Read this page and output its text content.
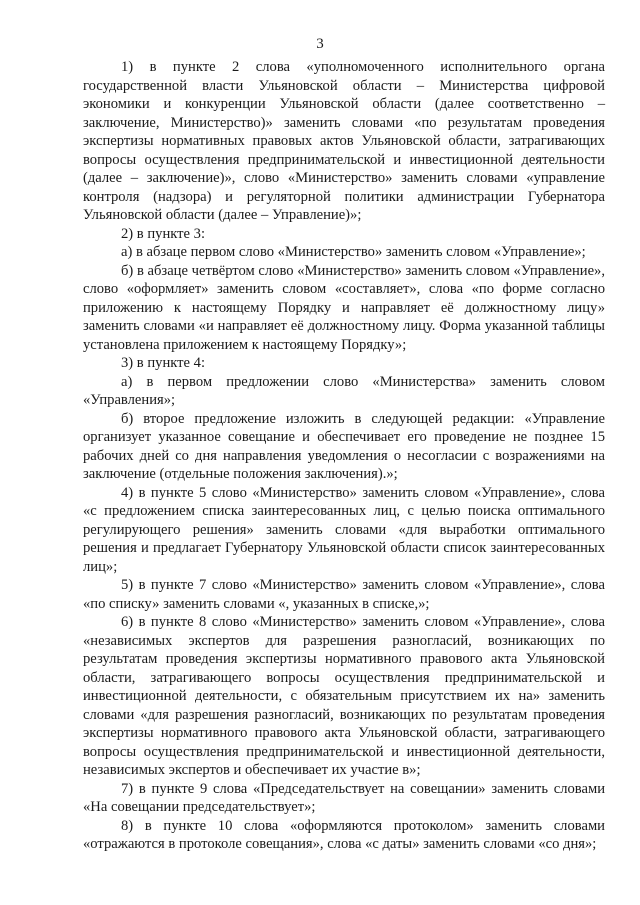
3

1) в пункте 2 слова «уполномоченного исполнительного органа государственной власти Ульяновской области – Министерства цифровой экономики и конкуренции Ульяновской области (далее соответственно – заключение, Министерство)» заменить словами «по результатам проведения экспертизы нормативных правовых актов Ульяновской области, затрагивающих вопросы осуществления предпринимательской и инвестиционной деятельности (далее – заключение)», слово «Министерство» заменить словами «управление контроля (надзора) и регуляторной политики администрации Губернатора Ульяновской области (далее – Управление)»;

2) в пункте 3:

а) в абзаце первом слово «Министерство» заменить словом «Управление»;

б) в абзаце четвёртом слово «Министерство» заменить словом «Управление», слово «оформляет» заменить словом «составляет», слова «по форме согласно приложению к настоящему Порядку и направляет её должностному лицу» заменить словами «и направляет её должностному лицу. Форма указанной таблицы установлена приложением к настоящему Порядку»;

3) в пункте 4:

а) в первом предложении слово «Министерства» заменить словом «Управления»;

б) второе предложение изложить в следующей редакции: «Управление организует указанное совещание и обеспечивает его проведение не позднее 15 рабочих дней со дня направления уведомления о несогласии с возражениями на заключение (отдельные положения заключения).»;

4) в пункте 5 слово «Министерство» заменить словом «Управление», слова «с предложением списка заинтересованных лиц, с целью поиска оптимального регулирующего решения» заменить словами «для выработки оптимального решения и предлагает Губернатору Ульяновской области список заинтересованных лиц»;

5) в пункте 7 слово «Министерство» заменить словом «Управление», слова «по списку» заменить словами «, указанных в списке,»;

6) в пункте 8 слово «Министерство» заменить словом «Управление», слова «независимых экспертов для разрешения разногласий, возникающих по результатам проведения экспертизы нормативного правового акта Ульяновской области, затрагивающего вопросы осуществления предпринимательской и инвестиционной деятельности, с обязательным присутствием их на» заменить словами «для разрешения разногласий, возникающих по результатам проведения экспертизы нормативного правового акта Ульяновской области, затрагивающего вопросы осуществления предпринимательской и инвестиционной деятельности, независимых экспертов и обеспечивает их участие в»;

7) в пункте 9 слова «Председательствует на совещании» заменить словами «На совещании председательствует»;

8) в пункте 10 слова «оформляются протоколом» заменить словами «отражаются в протоколе совещания», слова «с даты» заменить словами «со дня»;
